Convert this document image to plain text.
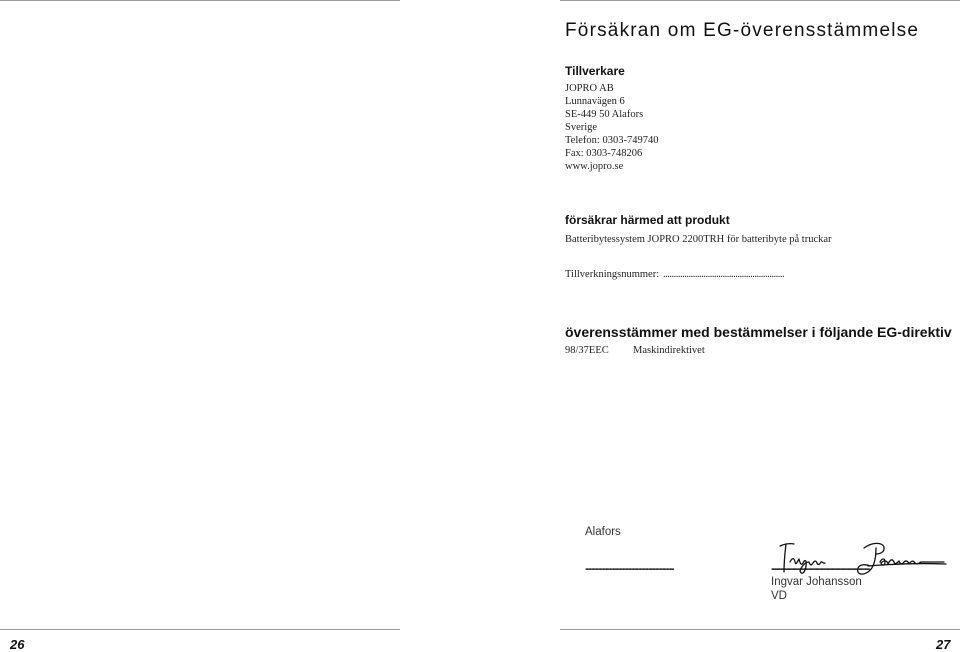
Försäkran om EG-överensstämmelse
Tillverkare
JOPRO AB
Lunnavägen 6
SE-449 50 Alafors
Sverige
Telefon: 0303-749740
Fax: 0303-748206
www.jopro.se
försäkrar härmed att produkt
Batteribytessystem JOPRO 2200TRH för batteribyte på truckar
Tillverkningsnummer: .........................................................
överensstämmer med bestämmelser i följande EG-direktiv
98/37EEC Maskindirektivet
Alafors
..............................................................	................................................................................
Ingvar Johansson
VD
26	27
